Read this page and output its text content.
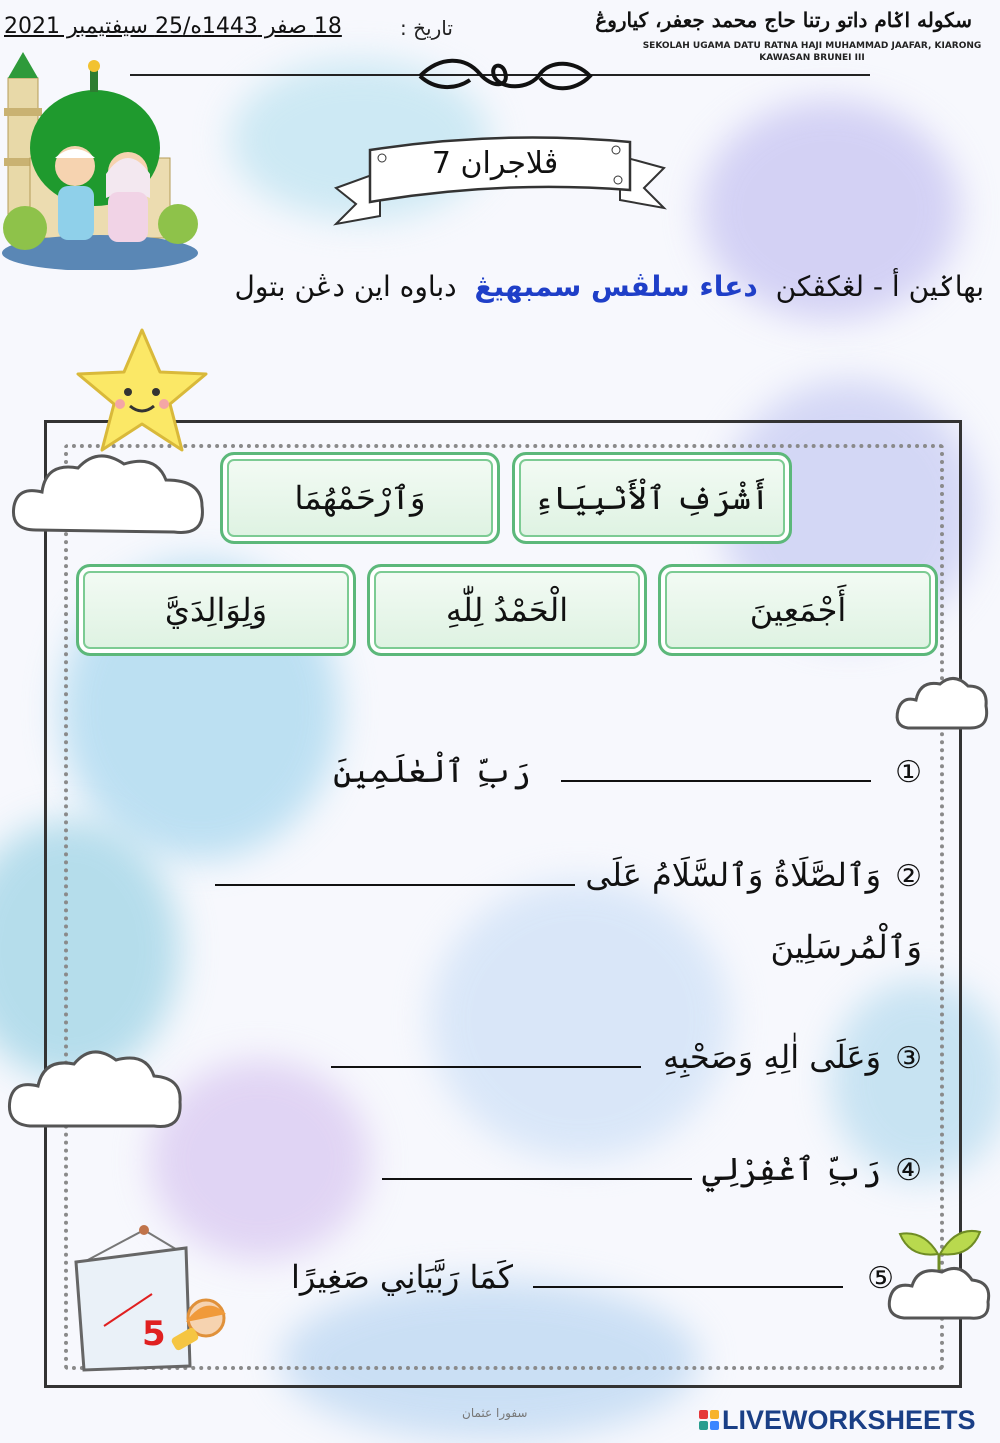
18 صفر 1443ه/25 سيفتيمبر 2021	تاريخ :	سکوله اݢام داتو رتنا حاج محمد جعفر، کياروڠ
SEKOLAH UGAMA DATU RATNA HAJI MUHAMMAD JAAFAR, KIARONG
KAWASAN BRUNEI III
ڤلاجران 7
بهاݢين أ - لڠکڤکن  دعاء سلڤس سمبهيڠ  دباوه اين دڠن بتول
أَشْرَفِ ٱلْأَنْبِيَاءِ
وَٱرْحَمْهُمَا
أَجْمَعِينَ
الْحَمْدُ لِلّٰهِ
وَلِوَالِدَيَّ
①  رَبِّ ٱلْعٰلَمِينَ
②وَٱلصَّلَاةُ وَٱلسَّلَامُ عَلَى
وَٱلْمُرسَلِينَ
③وَعَلَى اٰلِهِ وَصَحْبِهِ
④رَبِّ ٱغْفِرْلِي
⑤ كَمَا رَبَّيَانِي صَغِيرًا
5
سفورا عثمان	LIVEWORKSHEETS
